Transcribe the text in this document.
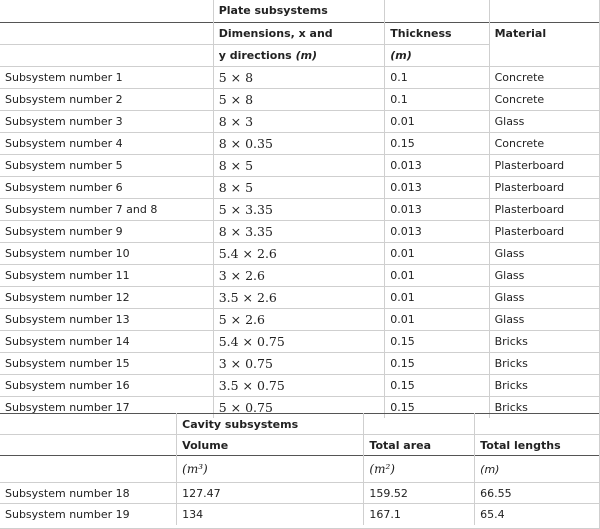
	Plate subsystems		
	Dimensions, x and	Thickness	Material
	y directions (m)	(m)	
Subsystem number 1	5 × 8	0.1	Concrete
Subsystem number 2	5 × 8	0.1	Concrete
Subsystem number 3	8 × 3	0.01	Glass
Subsystem number 4	8 × 0.35	0.15	Concrete
Subsystem number 5	8 × 5	0.013	Plasterboard
Subsystem number 6	8 × 5	0.013	Plasterboard
Subsystem number 7 and 8	5 × 3.35	0.013	Plasterboard
Subsystem number 9	8 × 3.35	0.013	Plasterboard
Subsystem number 10	5.4 × 2.6	0.01	Glass
Subsystem number 11	3 × 2.6	0.01	Glass
Subsystem number 12	3.5 × 2.6	0.01	Glass
Subsystem number 13	5 × 2.6	0.01	Glass
Subsystem number 14	5.4 × 0.75	0.15	Bricks
Subsystem number 15	3 × 0.75	0.15	Bricks
Subsystem number 16	3.5 × 0.75	0.15	Bricks
Subsystem number 17	5 × 0.75	0.15	Bricks
	Cavity subsystems		
	Volume	Total area	Total lengths
	(m³)	(m²)	(m)
Subsystem number 18	127.47	159.52	66.55
Subsystem number 19	134	167.1	65.4
